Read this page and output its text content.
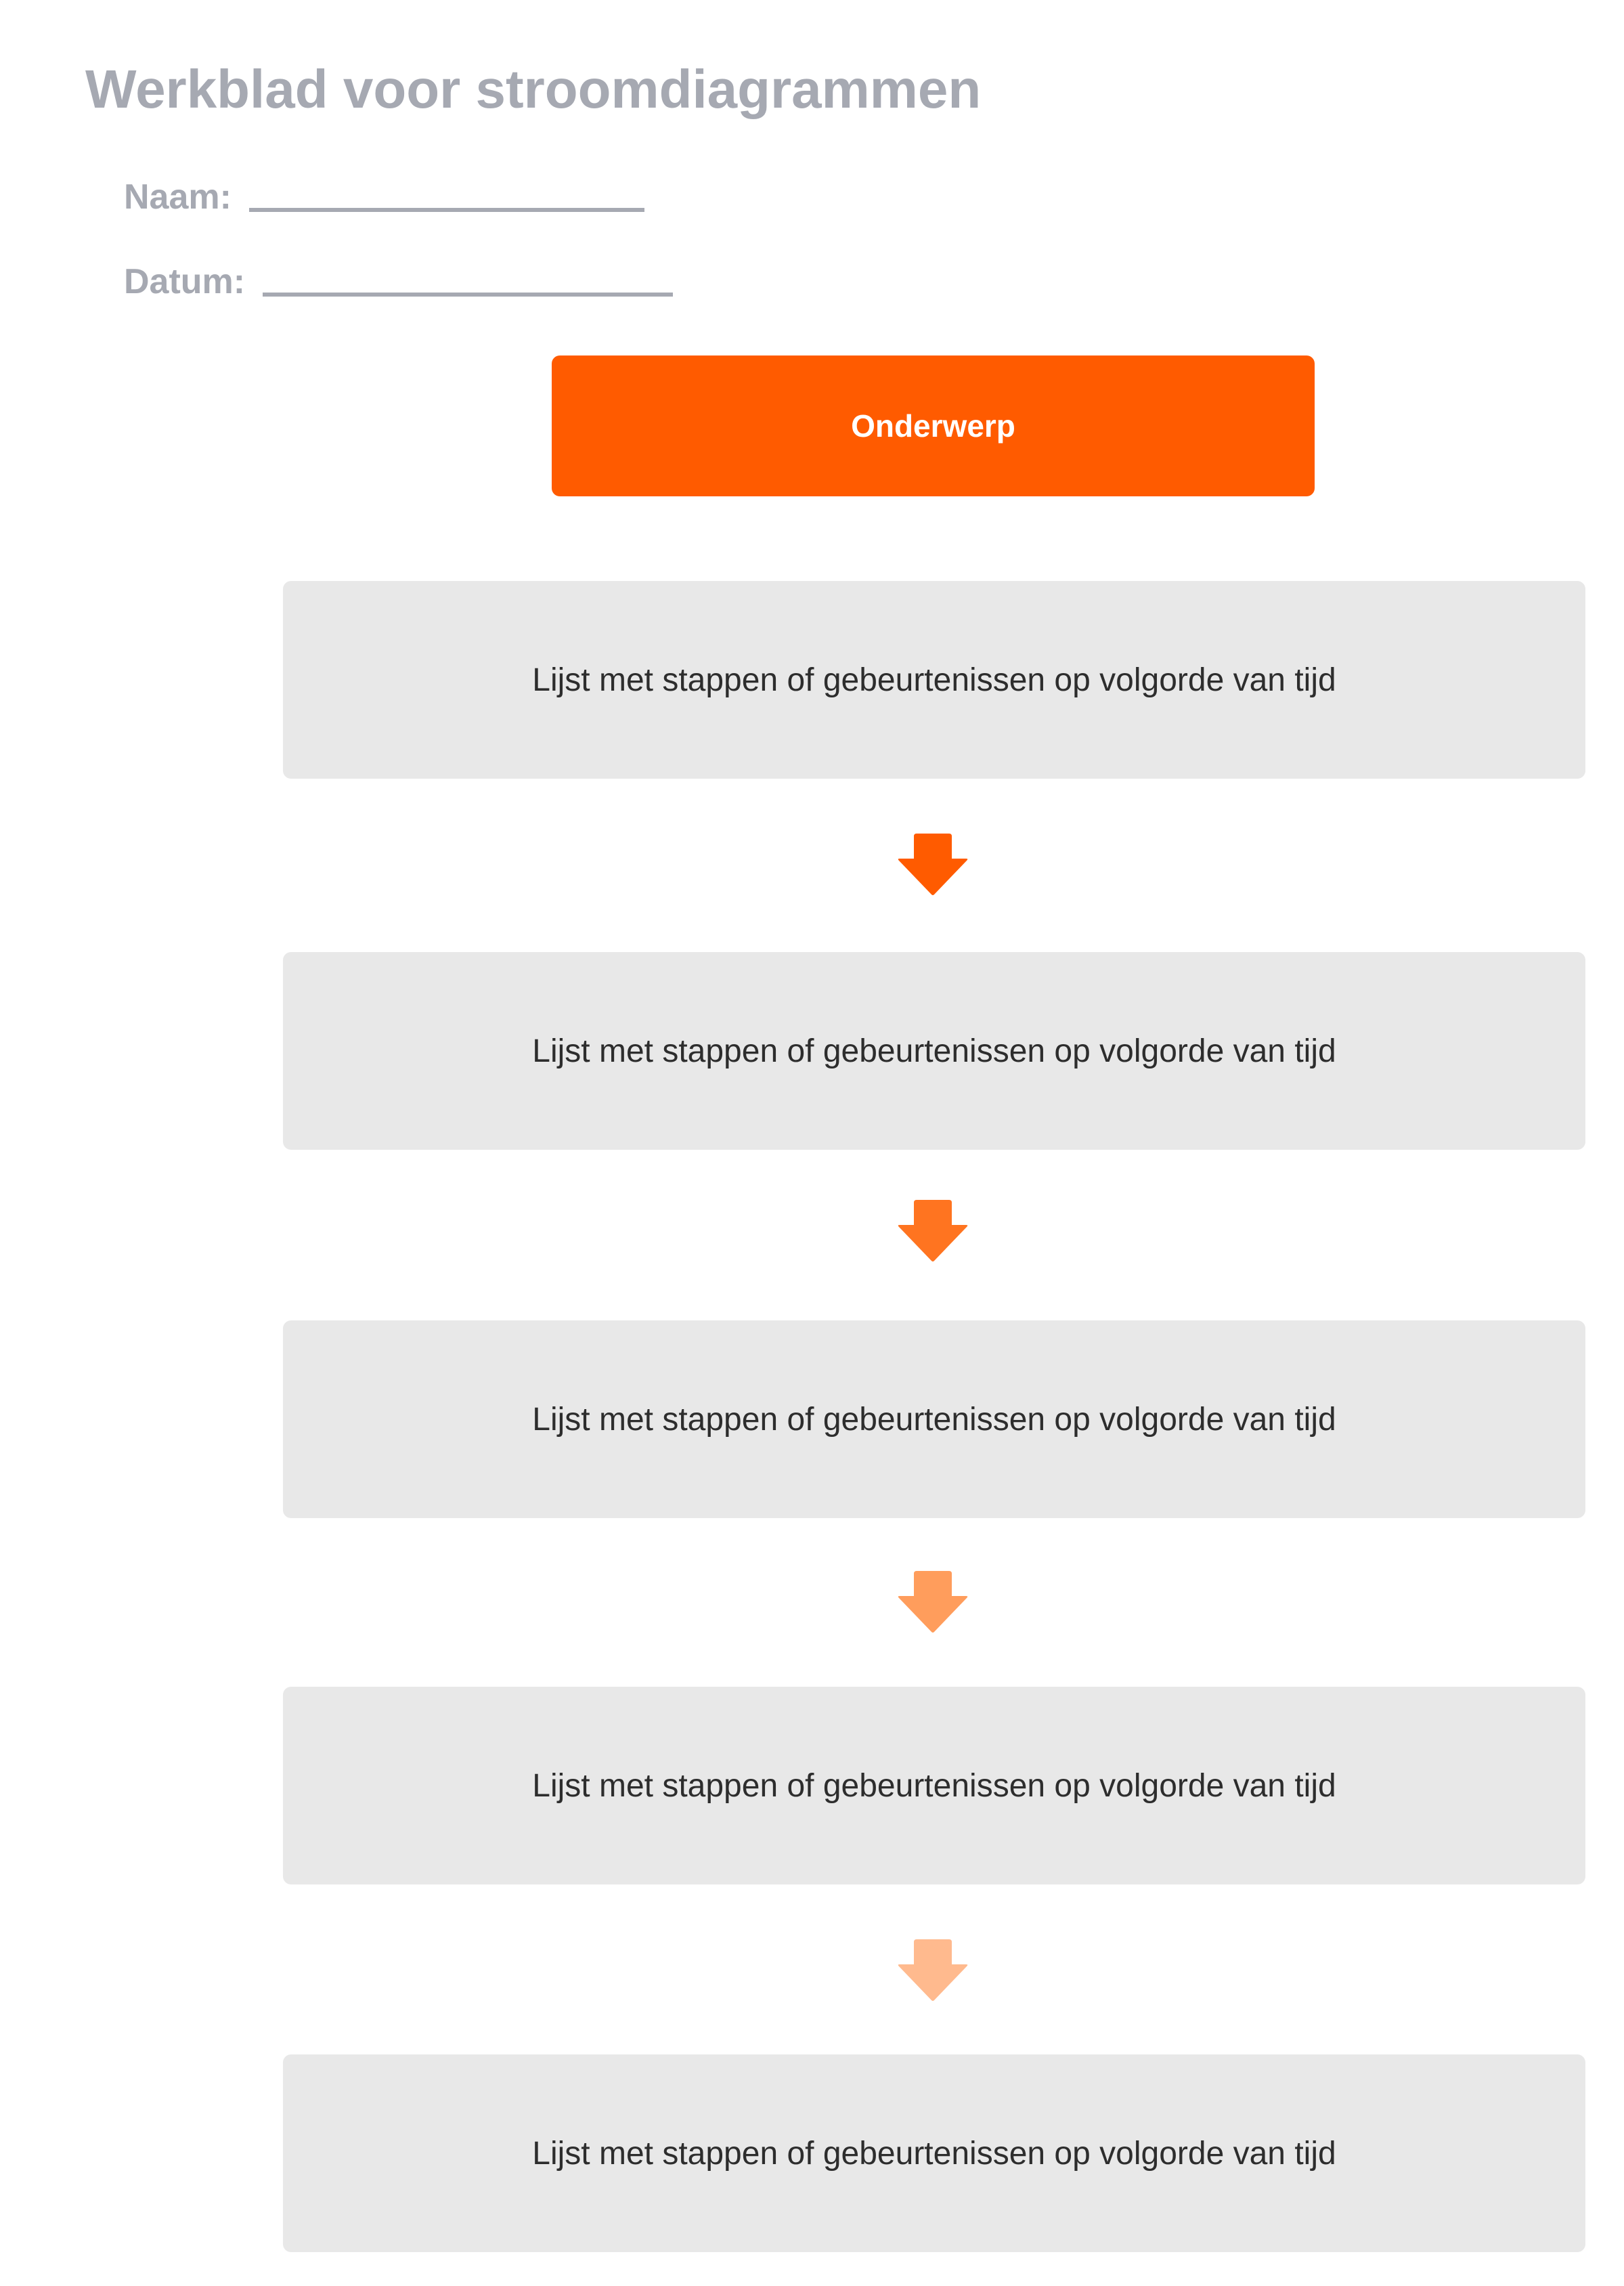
Werkblad voor stroomdiagrammen
Naam:
Datum:
Onderwerp
Lijst met stappen of gebeurtenissen op volgorde van tijd
Lijst met stappen of gebeurtenissen op volgorde van tijd
Lijst met stappen of gebeurtenissen op volgorde van tijd
Lijst met stappen of gebeurtenissen op volgorde van tijd
Lijst met stappen of gebeurtenissen op volgorde van tijd
